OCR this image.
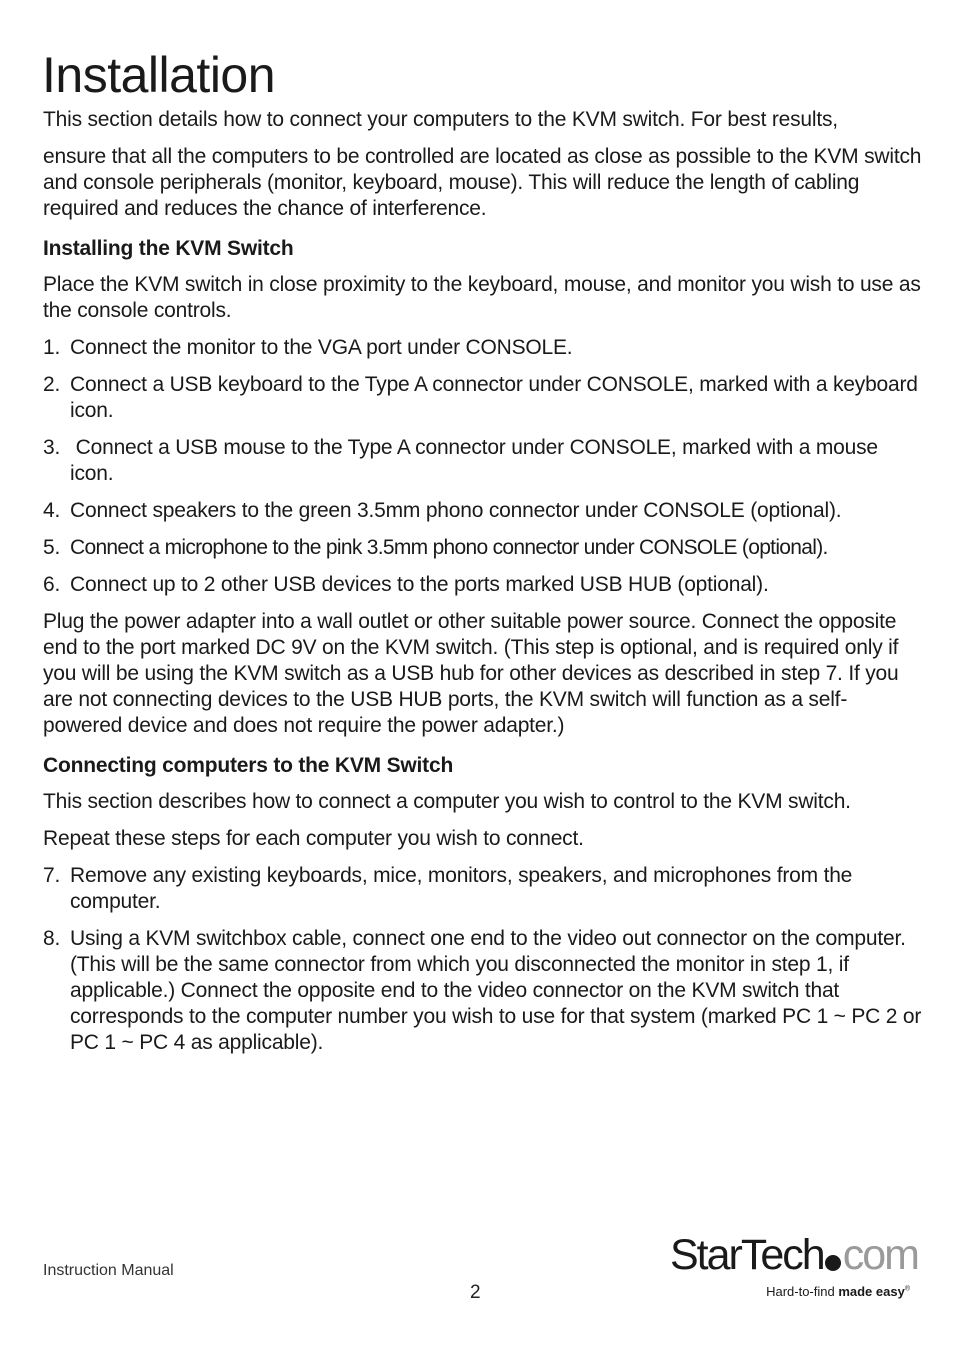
Installation

This section details how to connect your computers to the KVM switch. For best results,

ensure that all the computers to be controlled are located as close as possible to the KVM switch and console peripherals (monitor, keyboard, mouse). This will reduce the length of cabling required and reduces the chance of interference.

Installing the KVM Switch

Place the KVM switch in close proximity to the keyboard, mouse, and monitor you wish to use as the console controls.

1. Connect the monitor to the VGA port under CONSOLE.
2. Connect a USB keyboard to the Type A connector under CONSOLE, marked with a keyboard icon.
3. Connect a USB mouse to the Type A connector under CONSOLE, marked with a mouse icon.
4. Connect speakers to the green 3.5mm phono connector under CONSOLE (optional).
5. Connect a microphone to the pink 3.5mm phono connector under CONSOLE (optional).
6. Connect up to 2 other USB devices to the ports marked USB HUB (optional).

Plug the power adapter into a wall outlet or other suitable power source. Connect the opposite end to the port marked DC 9V on the KVM switch. (This step is optional, and is required only if you will be using the KVM switch as a USB hub for other devices as described in step 7. If you are not connecting devices to the USB HUB ports, the KVM switch will function as a self-powered device and does not require the power adapter.)

Connecting computers to the KVM Switch

This section describes how to connect a computer you wish to control to the KVM switch.

Repeat these steps for each computer you wish to connect.

7. Remove any existing keyboards, mice, monitors, speakers, and microphones from the computer.
8. Using a KVM switchbox cable, connect one end to the video out connector on the computer. (This will be the same connector from which you disconnected the monitor in step 1, if applicable.) Connect the opposite end to the video connector on the KVM switch that corresponds to the computer number you wish to use for that system (marked PC 1 ~ PC 2 or PC 1 ~ PC 4 as applicable).
Instruction Manual
2
StarTech com
Hard-to-find made easy®
